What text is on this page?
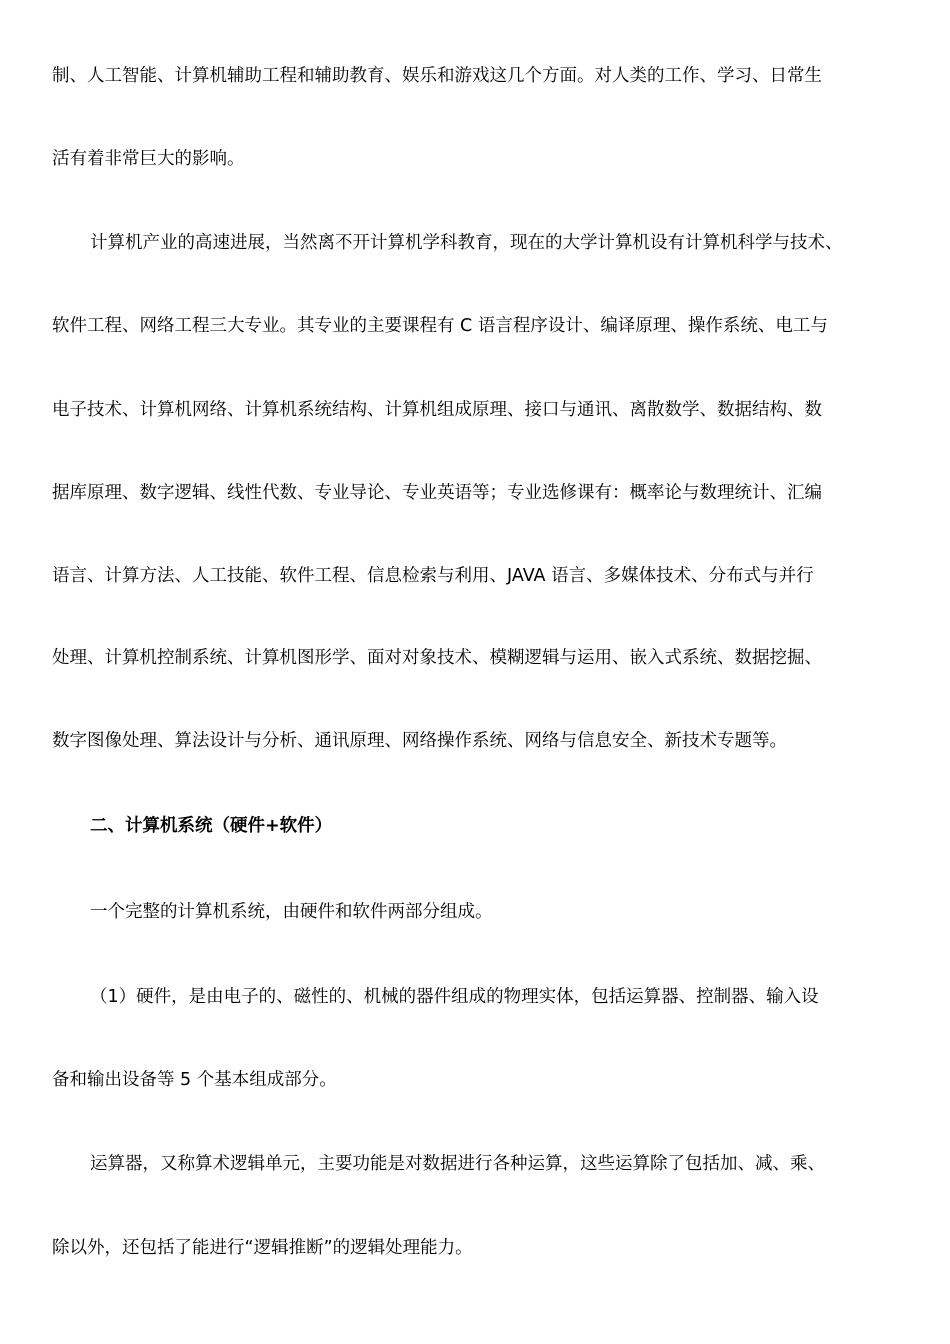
制、人工智能、计算机辅助工程和辅助教育、娱乐和游戏这几个方面。对人类的工作、学习、日常生
活有着非常巨大的影响。
计算机产业的高速进展，当然离不开计算机学科教育，现在的大学计算机设有计算机科学与技术、
软件工程、网络工程三大专业。其专业的主要课程有 C 语言程序设计、编译原理、操作系统、电工与
电子技术、计算机网络、计算机系统结构、计算机组成原理、接口与通讯、离散数学、数据结构、数
据库原理、数字逻辑、线性代数、专业导论、专业英语等；专业选修课有：概率论与数理统计、汇编
语言、计算方法、人工技能、软件工程、信息检索与利用、JAVA 语言、多媒体技术、分布式与并行
处理、计算机控制系统、计算机图形学、面对对象技术、模糊逻辑与运用、嵌入式系统、数据挖掘、
数字图像处理、算法设计与分析、通讯原理、网络操作系统、网络与信息安全、新技术专题等。
二、计算机系统（硬件+软件）
一个完整的计算机系统，由硬件和软件两部分组成。
（1）硬件，是由电子的、磁性的、机械的器件组成的物理实体，包括运算器、控制器、输入设
备和输出设备等 5 个基本组成部分。
运算器，又称算术逻辑单元，主要功能是对数据进行各种运算，这些运算除了包括加、减、乘、
除以外，还包括了能进行“逻辑推断”的逻辑处理能力。
